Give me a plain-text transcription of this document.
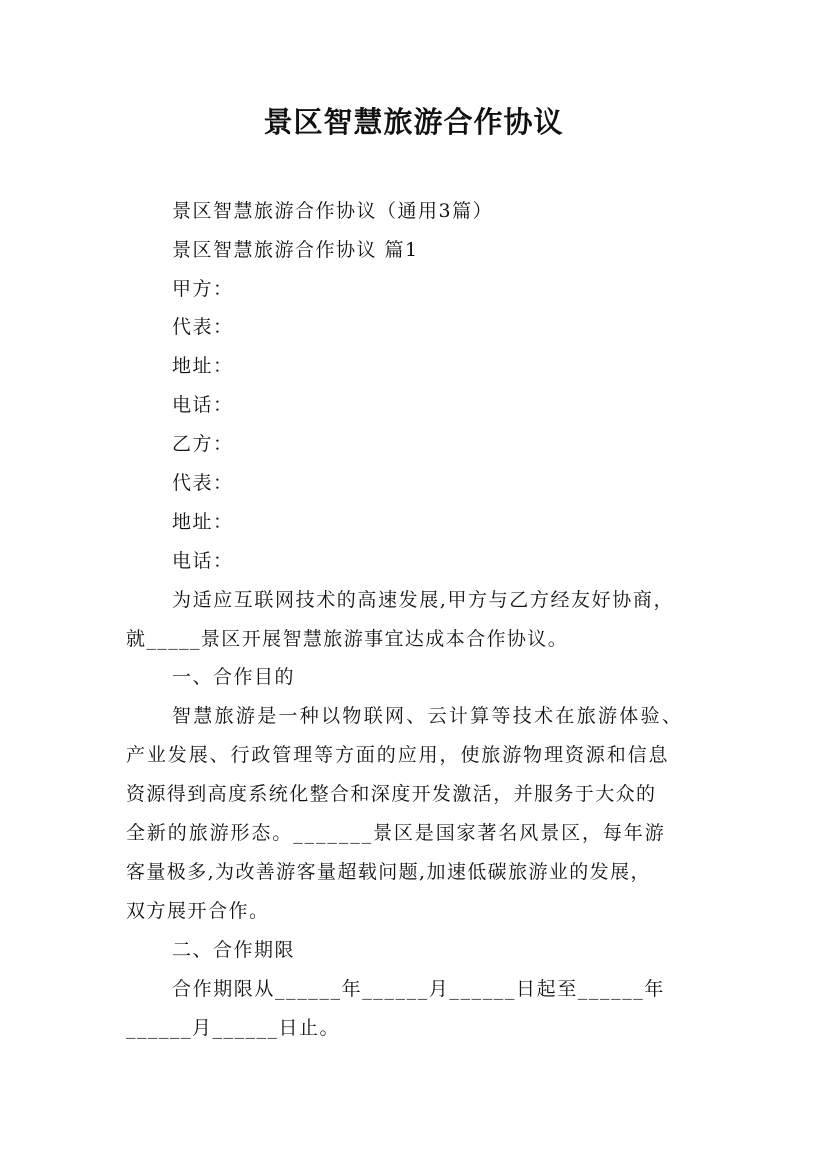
景区智慧旅游合作协议
景区智慧旅游合作协议（通用3篇）
景区智慧旅游合作协议 篇1
甲方：
代表：
地址：
电话：
乙方：
代表：
地址：
电话：
为适应互联网技术的高速发展,甲方与乙方经友好协商，
就_____景区开展智慧旅游事宜达成本合作协议。
一、合作目的
智慧旅游是一种以物联网、云计算等技术在旅游体验、
产业发展、行政管理等方面的应用，使旅游物理资源和信息
资源得到高度系统化整合和深度开发激活，并服务于大众的
全新的旅游形态。_______景区是国家著名风景区，每年游
客量极多,为改善游客量超载问题,加速低碳旅游业的发展，
双方展开合作。
二、合作期限
合作期限从______年______月______日起至______年
______月______日止。
